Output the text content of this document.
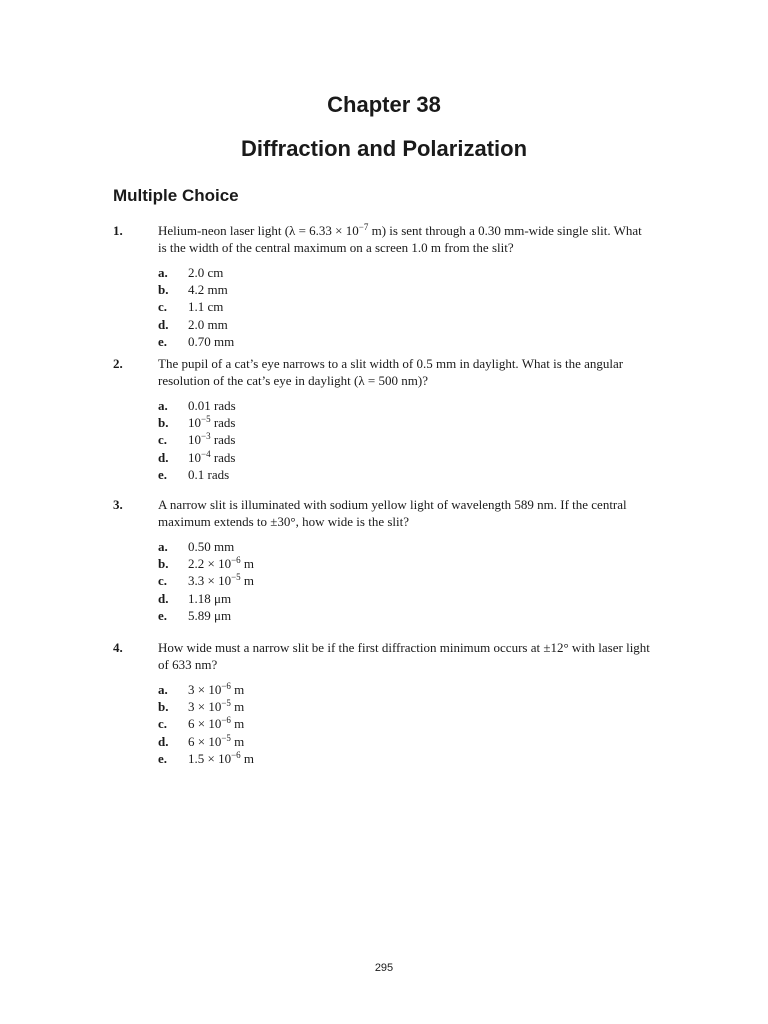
Chapter 38
Diffraction and Polarization
Multiple Choice
1.	Helium-neon laser light ($\lambda = 6.33 \times 10^{-7}$ m) is sent through a 0.30 mm-wide single slit. What is the width of the central maximum on a screen 1.0 m from the slit?
a. 2.0 cm
b. 4.2 mm
c. 1.1 cm
d. 2.0 mm
e. 0.70 mm
2.	The pupil of a cat’s eye narrows to a slit width of 0.5 mm in daylight. What is the angular resolution of the cat’s eye in daylight (λ = 500 nm)?
a. 0.01 rads
b. $10^{-5}$ rads
c. $10^{-3}$ rads
d. $10^{-4}$ rads
e. 0.1 rads
3.	A narrow slit is illuminated with sodium yellow light of wavelength 589 nm. If the central maximum extends to ±30°, how wide is the slit?
a. 0.50 mm
b. $2.2 \times 10^{-6}$ m
c. $3.3 \times 10^{-5}$ m
d. 1.18 μm
e. 5.89 μm
4.	How wide must a narrow slit be if the first diffraction minimum occurs at ±12° with laser light of 633 nm?
a. $3 \times 10^{-6}$ m
b. $3 \times 10^{-5}$ m
c. $6 \times 10^{-6}$ m
d. $6 \times 10^{-5}$ m
e. $1.5 \times 10^{-6}$ m
295
